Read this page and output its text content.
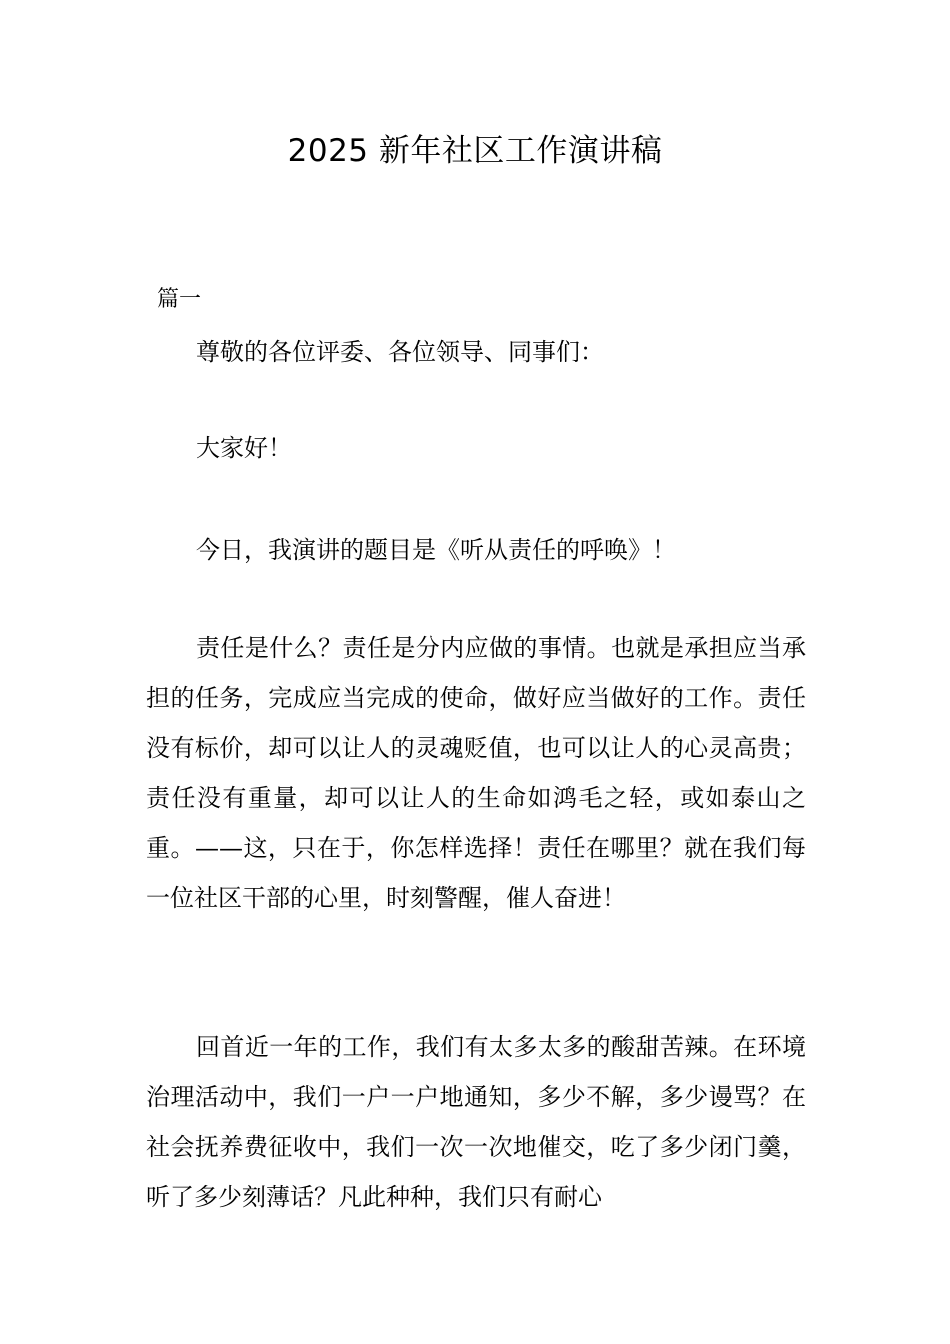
2025 新年社区工作演讲稿

篇一

尊敬的各位评委、各位领导、同事们：

大家好！

今日，我演讲的题目是《听从责任的呼唤》！

责任是什么？责任是分内应做的事情。也就是承担应当承担的任务，完成应当完成的使命，做好应当做好的工作。责任没有标价，却可以让人的灵魂贬值，也可以让人的心灵高贵；责任没有重量，却可以让人的生命如鸿毛之轻，或如泰山之重。——这，只在于，你怎样选择！责任在哪里？就在我们每一位社区干部的心里，时刻警醒，催人奋进！

回首近一年的工作，我们有太多太多的酸甜苦辣。在环境治理活动中，我们一户一户地通知，多少不解，多少谩骂？在社会抚养费征收中，我们一次一次地催交，吃了多少闭门羹，听了多少刻薄话？凡此种种，我们只有耐心
